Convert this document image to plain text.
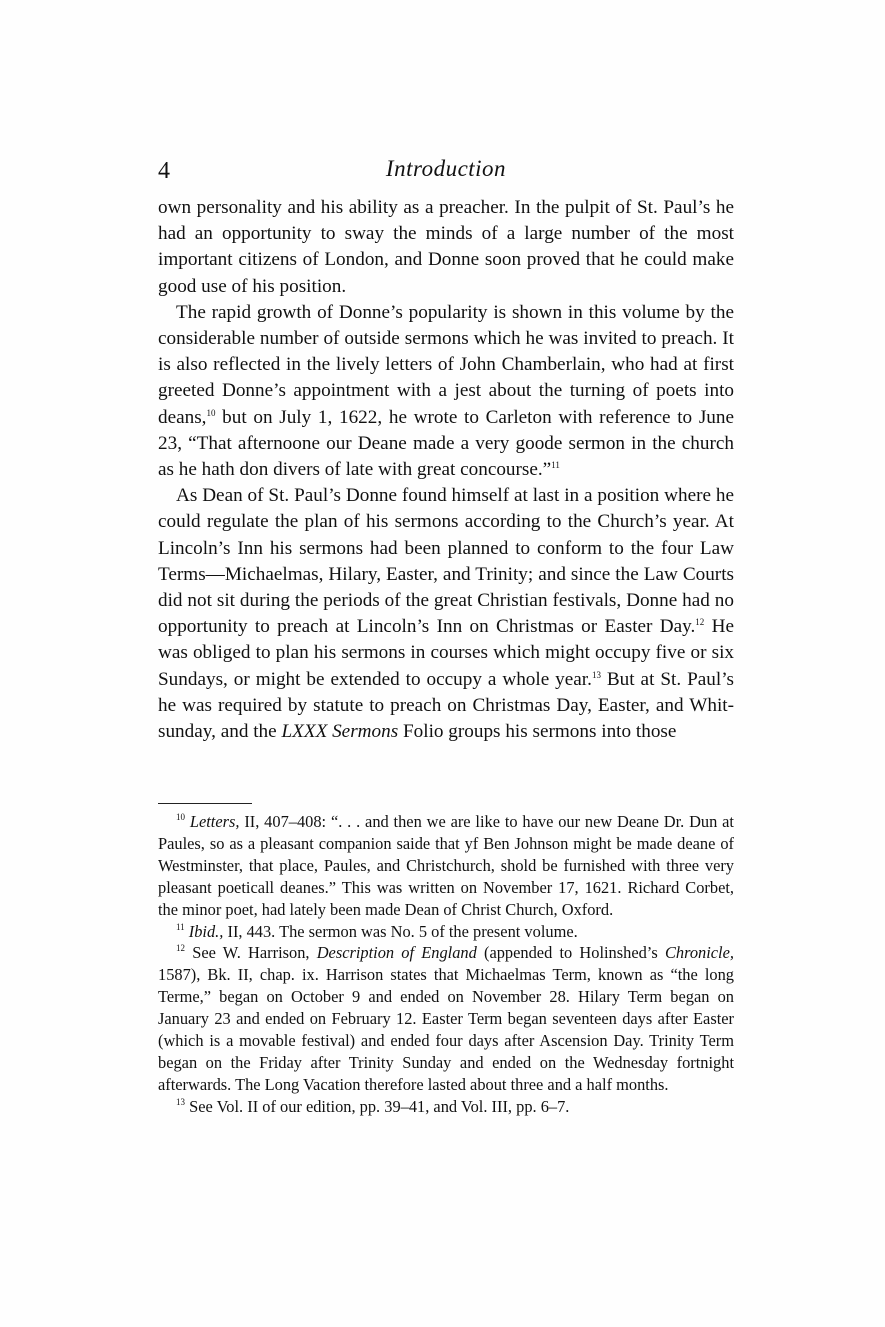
4	Introduction

own personality and his ability as a preacher. In the pulpit of St. Paul’s he had an opportunity to sway the minds of a large number of the most important citizens of London, and Donne soon proved that he could make good use of his position.

The rapid growth of Donne’s popularity is shown in this volume by the considerable number of outside sermons which he was invited to preach. It is also reflected in the lively letters of John Chamberlain, who had at first greeted Donne’s appointment with a jest about the turning of poets into deans,$^{10}$ but on July 1, 1622, he wrote to Carleton with reference to June 23, “That afternoone our Deane made a very goode sermon in the church as he hath don divers of late with great concourse.”$^{11}$

As Dean of St. Paul’s Donne found himself at last in a position where he could regulate the plan of his sermons according to the Church’s year. At Lincoln’s Inn his sermons had been planned to conform to the four Law Terms—Michaelmas, Hilary, Easter, and Trinity; and since the Law Courts did not sit during the periods of the great Christian festivals, Donne had no opportunity to preach at Lincoln’s Inn on Christmas or Easter Day.$^{12}$ He was obliged to plan his sermons in courses which might occupy five or six Sundays, or might be extended to occupy a whole year.$^{13}$ But at St. Paul’s he was required by statute to preach on Christmas Day, Easter, and Whitsunday, and the LXXX Sermons Folio groups his sermons into those

$^{10}$ Letters, II, 407–408: “. . . and then we are like to have our new Deane Dr. Dun at Paules, so as a pleasant companion saide that yf Ben Johnson might be made deane of Westminster, that place, Paules, and Christchurch, shold be furnished with three very pleasant poeticall deanes.” This was written on November 17, 1621. Richard Corbet, the minor poet, had lately been made Dean of Christ Church, Oxford.

$^{11}$ Ibid., II, 443. The sermon was No. 5 of the present volume.

$^{12}$ See W. Harrison, Description of England (appended to Holinshed’s Chronicle, 1587), Bk. II, chap. ix. Harrison states that Michaelmas Term, known as “the long Terme,” began on October 9 and ended on November 28. Hilary Term began on January 23 and ended on February 12. Easter Term began seventeen days after Easter (which is a movable festival) and ended four days after Ascension Day. Trinity Term began on the Friday after Trinity Sunday and ended on the Wednesday fortnight afterwards. The Long Vacation therefore lasted about three and a half months.

$^{13}$ See Vol. II of our edition, pp. 39–41, and Vol. III, pp. 6–7.
